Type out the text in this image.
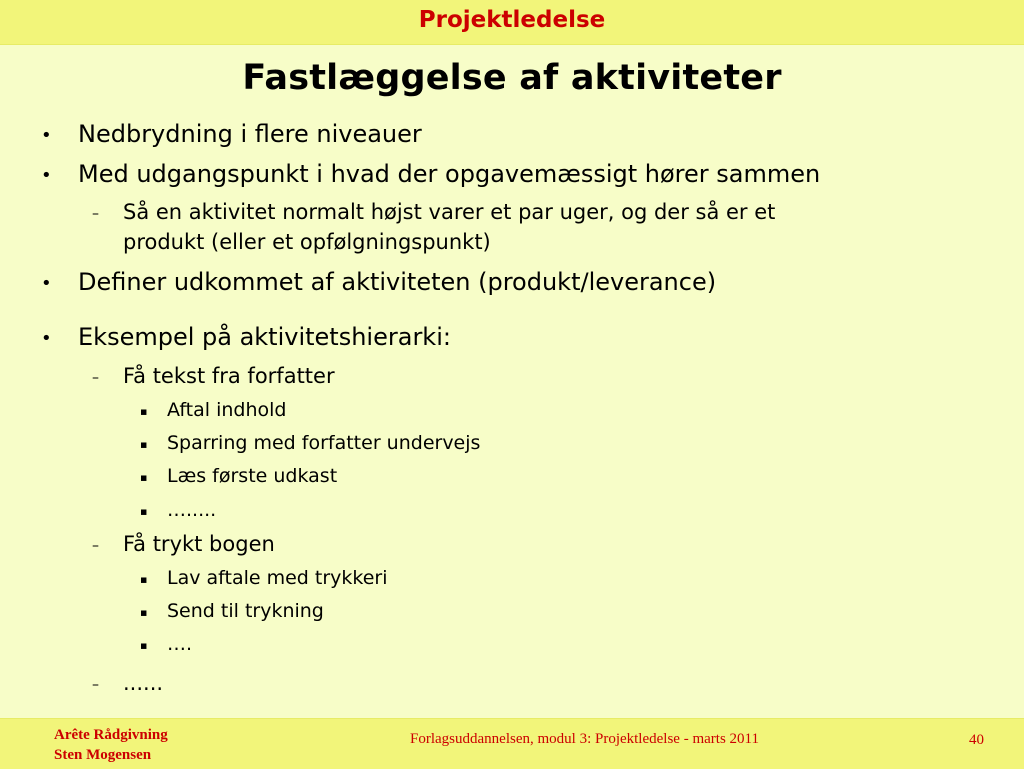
Projektledelse
Fastlæggelse af aktiviteter
• Nedbrydning i flere niveauer
• Med udgangspunkt i hvad der opgavemæssigt hører sammen
– Så en aktivitet normalt højst varer et par uger, og der så er et
produkt (eller et opfølgningspunkt)
• Definer udkommet af aktiviteten (produkt/leverance)
• Eksempel på aktivitetshierarki:
– Få tekst fra forfatter
▪ Aftal indhold
▪ Sparring med forfatter undervejs
▪ Læs første udkast
▪ ….....
– Få trykt bogen
▪ Lav aftale med trykkeri
▪ Send til trykning
▪ ….
– ......
Arête Rådgivning
Sten Mogensen
Forlagsuddannelsen, modul 3: Projektledelse - marts 2011	40
